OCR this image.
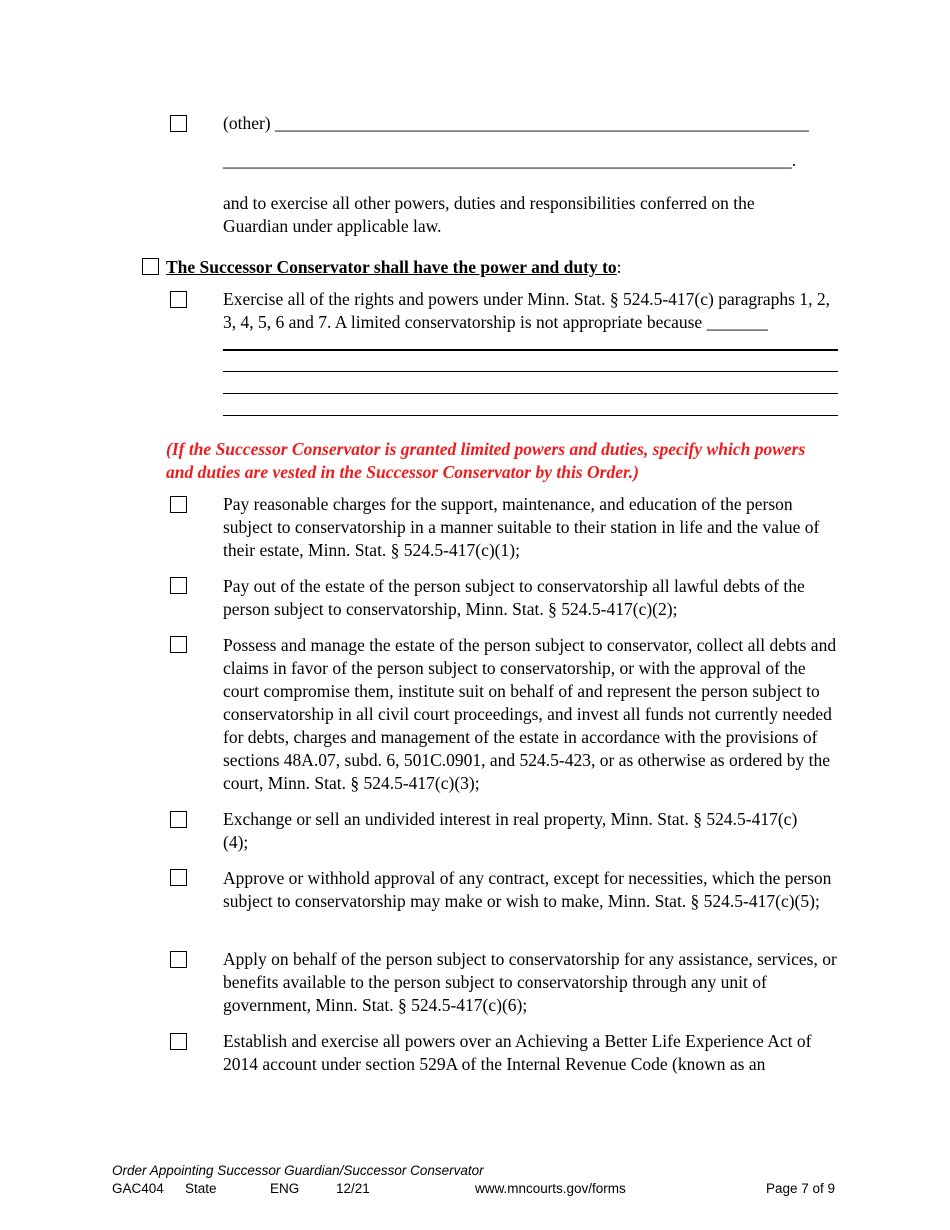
(other) _____________________________________________________________
_________________________________________________________________.
and to exercise all other powers, duties and responsibilities conferred on the Guardian under applicable law.
The Successor Conservator shall have the power and duty to:
Exercise all of the rights and powers under Minn. Stat. § 524.5-417(c) paragraphs 1, 2, 3, 4, 5, 6 and 7. A limited conservatorship is not appropriate because _______
(If the Successor Conservator is granted limited powers and duties, specify which powers and duties are vested in the Successor Conservator by this Order.)
Pay reasonable charges for the support, maintenance, and education of the person subject to conservatorship in a manner suitable to their station in life and the value of their estate, Minn. Stat. § 524.5-417(c)(1);
Pay out of the estate of the person subject to conservatorship all lawful debts of the person subject to conservatorship, Minn. Stat. § 524.5-417(c)(2);
Possess and manage the estate of the person subject to conservator, collect all debts and claims in favor of the person subject to conservatorship, or with the approval of the court compromise them, institute suit on behalf of and represent the person subject to conservatorship in all civil court proceedings, and invest all funds not currently needed for debts, charges and management of the estate in accordance with the provisions of sections 48A.07, subd. 6, 501C.0901, and 524.5-423, or as otherwise as ordered by the court, Minn. Stat. § 524.5-417(c)(3);
Exchange or sell an undivided interest in real property, Minn. Stat. § 524.5-417(c)(4);
Approve or withhold approval of any contract, except for necessities, which the person subject to conservatorship may make or wish to make, Minn. Stat. § 524.5-417(c)(5);
Apply on behalf of the person subject to conservatorship for any assistance, services, or benefits available to the person subject to conservatorship through any unit of government, Minn. Stat. § 524.5-417(c)(6);
Establish and exercise all powers over an Achieving a Better Life Experience Act of 2014 account under section 529A of the Internal Revenue Code (known as an
Order Appointing Successor Guardian/Successor Conservator
GAC404 State	ENG	12/21	www.mncourts.gov/forms	Page 7 of 9
